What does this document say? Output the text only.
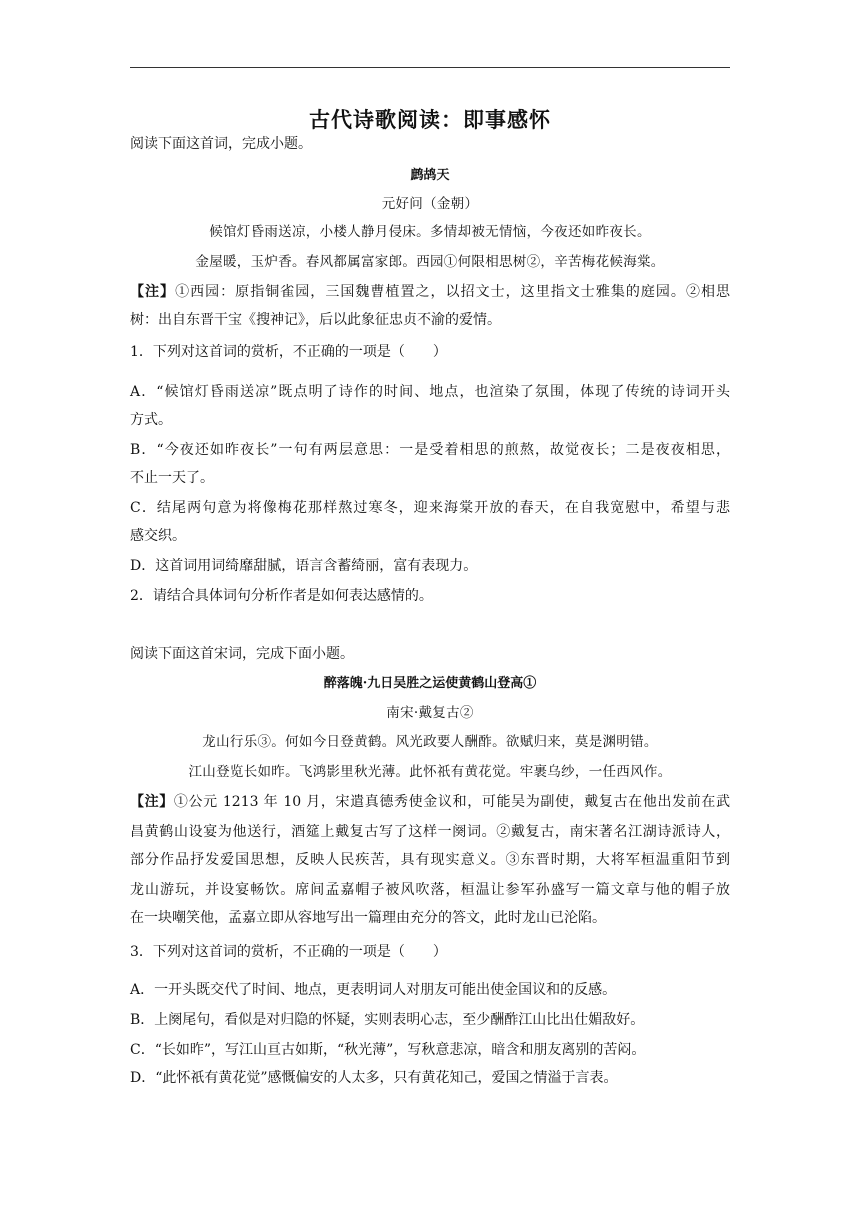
古代诗歌阅读：即事感怀
阅读下面这首词，完成小题。
鹧鸪天
元好问（金朝）
候馆灯昏雨送凉，小楼人静月侵床。多情却被无情恼，今夜还如昨夜长。
金屋暖，玉炉香。春风都属富家郎。西园①何限相思树②，辛苦梅花候海棠。
【注】①西园：原指铜雀园，三国魏曹植置之，以招文士，这里指文士雅集的庭园。②相思
树：出自东晋干宝《搜神记》，后以此象征忠贞不渝的爱情。
1．下列对这首词的赏析，不正确的一项是（　　）
A．“候馆灯昏雨送凉”既点明了诗作的时间、地点，也渲染了氛围，体现了传统的诗词开头
方式。
B．“今夜还如昨夜长”一句有两层意思：一是受着相思的煎熬，故觉夜长；二是夜夜相思，
不止一天了。
C．结尾两句意为将像梅花那样熬过寒冬，迎来海棠开放的春天，在自我宽慰中，希望与悲
感交织。
D．这首词用词绮靡甜腻，语言含蓄绮丽，富有表现力。
2．请结合具体词句分析作者是如何表达感情的。
阅读下面这首宋词，完成下面小题。
醉落魄·九日吴胜之运使黄鹤山登高①
南宋·戴复古②
龙山行乐③。何如今日登黄鹤。风光政要人酬酢。欲赋归来，莫是渊明错。
江山登览长如昨。飞鸿影里秋光薄。此怀祇有黄花觉。牢裹乌纱，一任西风作。
【注】①公元 1213 年 10 月，宋遣真德秀使金议和，可能吴为副使，戴复古在他出发前在武
昌黄鹤山设宴为他送行，酒筵上戴复古写了这样一阕词。②戴复古，南宋著名江湖诗派诗人，
部分作品抒发爱国思想，反映人民疾苦，具有现实意义。③东晋时期，大将军桓温重阳节到
龙山游玩，并设宴畅饮。席间孟嘉帽子被风吹落，桓温让参军孙盛写一篇文章与他的帽子放
在一块嘲笑他，孟嘉立即从容地写出一篇理由充分的答文，此时龙山已沦陷。
3．下列对这首词的赏析，不正确的一项是（　　）
A．一开头既交代了时间、地点，更表明词人对朋友可能出使金国议和的反感。
B．上阕尾句，看似是对归隐的怀疑，实则表明心志，至少酬酢江山比出仕媚敌好。
C．“长如昨”，写江山亘古如斯，“秋光薄”，写秋意悲凉，暗含和朋友离别的苦闷。
D．“此怀祇有黄花觉”感慨偏安的人太多，只有黄花知己，爱国之情溢于言表。
